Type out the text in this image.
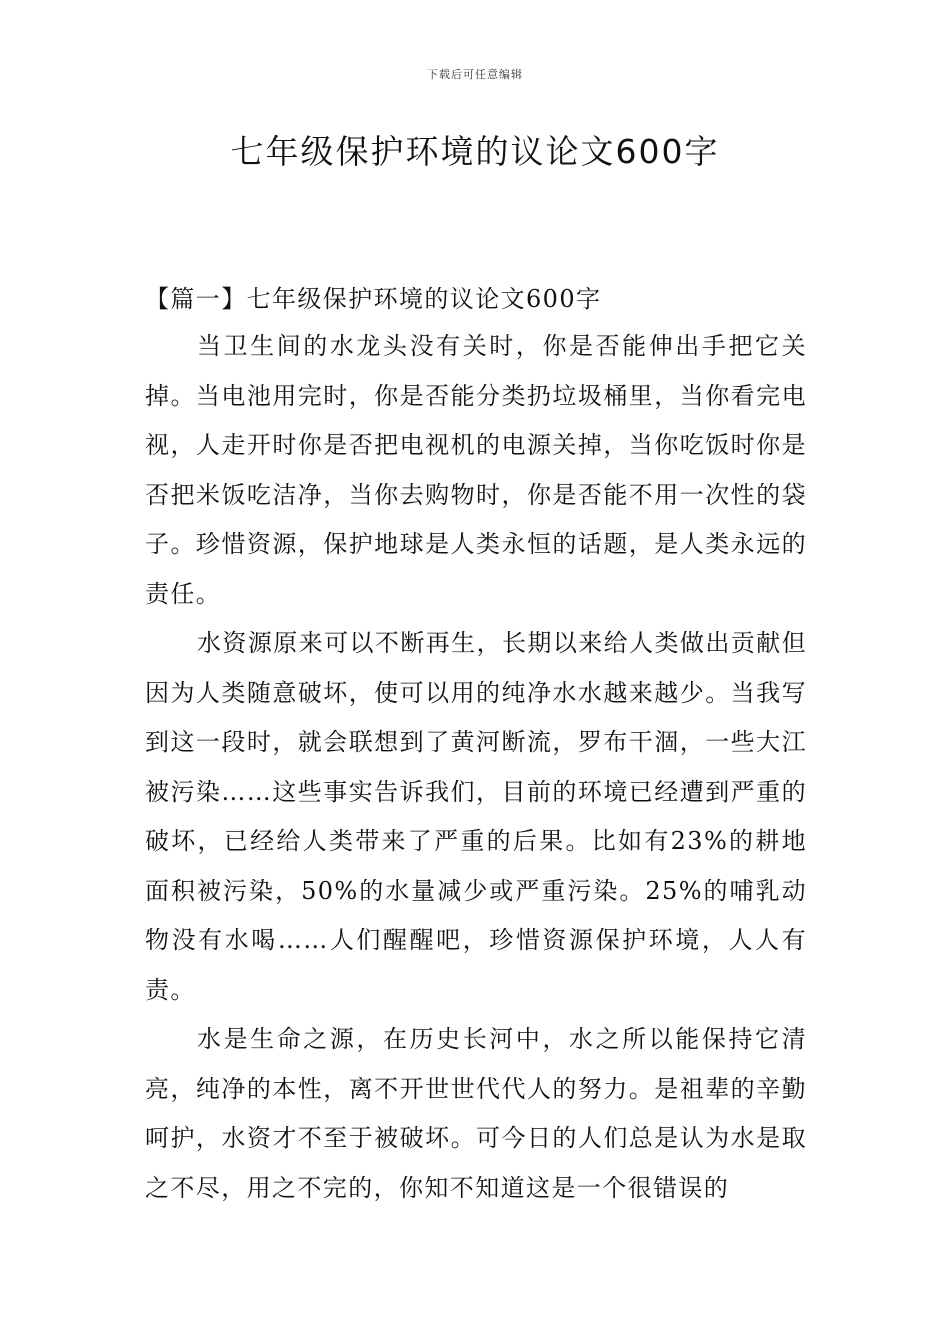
下载后可任意编辑
七年级保护环境的议论文600字
【篇一】七年级保护环境的议论文600字

当卫生间的水龙头没有关时，你是否能伸出手把它关掉。当电池用完时，你是否能分类扔垃圾桶里，当你看完电视，人走开时你是否把电视机的电源关掉，当你吃饭时你是否把米饭吃洁净，当你去购物时，你是否能不用一次性的袋子。珍惜资源，保护地球是人类永恒的话题，是人类永远的责任。

水资源原来可以不断再生，长期以来给人类做出贡献但因为人类随意破坏，使可以用的纯净水水越来越少。当我写到这一段时，就会联想到了黄河断流，罗布干涸，一些大江被污染……这些事实告诉我们，目前的环境已经遭到严重的破坏，已经给人类带来了严重的后果。比如有23%的耕地面积被污染，50%的水量减少或严重污染。25%的哺乳动物没有水喝……人们醒醒吧，珍惜资源保护环境，人人有责。

水是生命之源，在历史长河中，水之所以能保持它清亮，纯净的本性，离不开世世代代人的努力。是祖辈的辛勤呵护，水资才不至于被破坏。可今日的人们总是认为水是取之不尽，用之不完的，你知不知道这是一个很错误的
